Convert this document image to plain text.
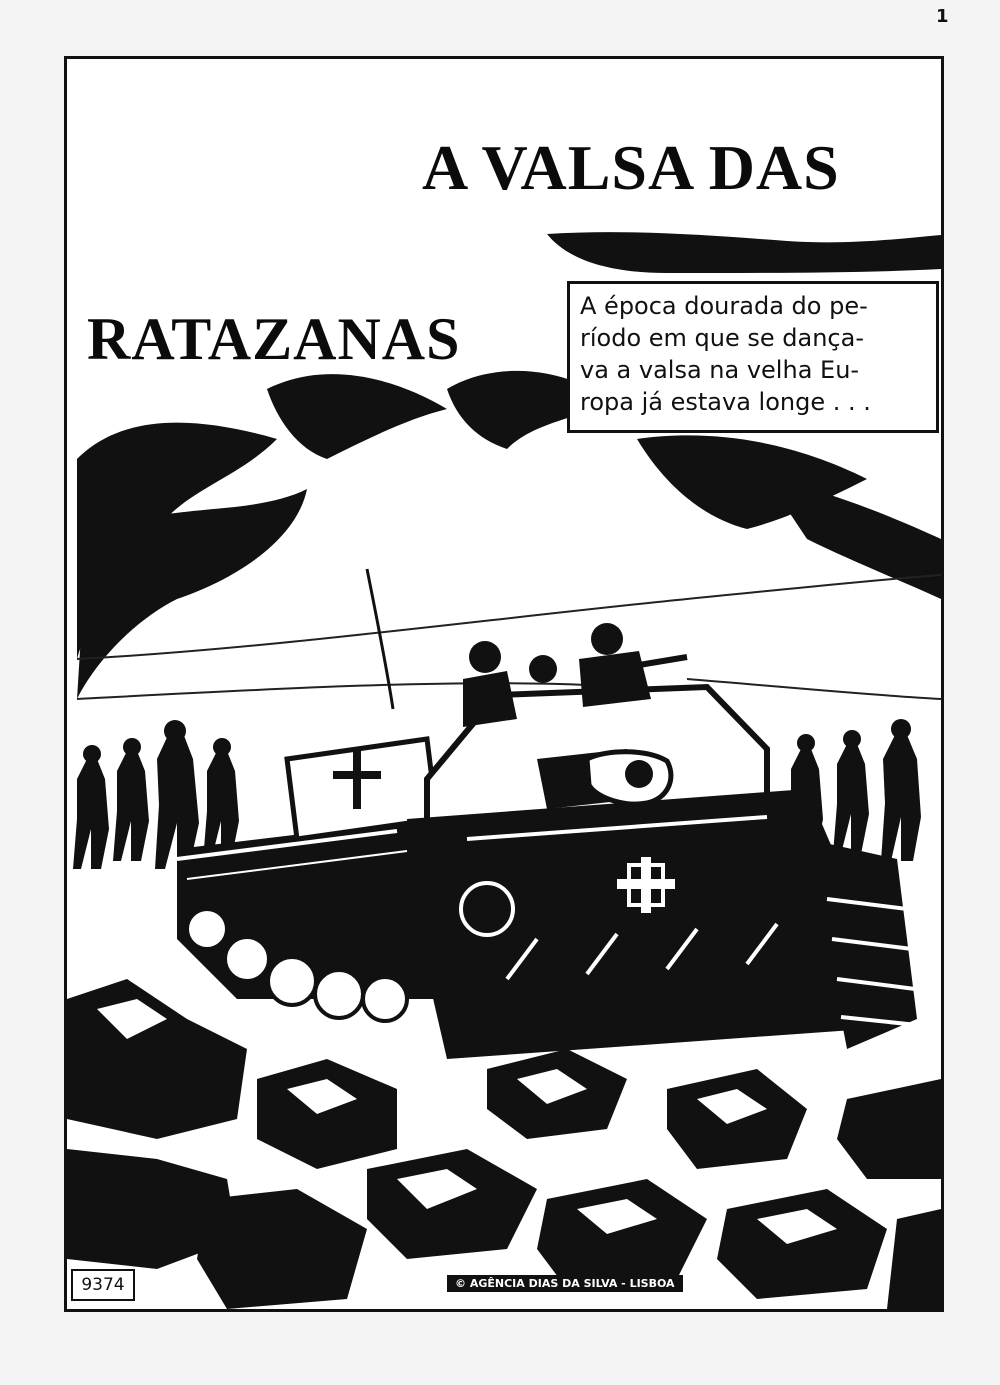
1
A VALSA DAS
RATAZANAS	A época dourada do pe-
ríodo em que se dança-
va a valsa na velha Eu-
ropa já estava longe . . .
9374	© AGÊNCIA DIAS DA SILVA - LISBOA
